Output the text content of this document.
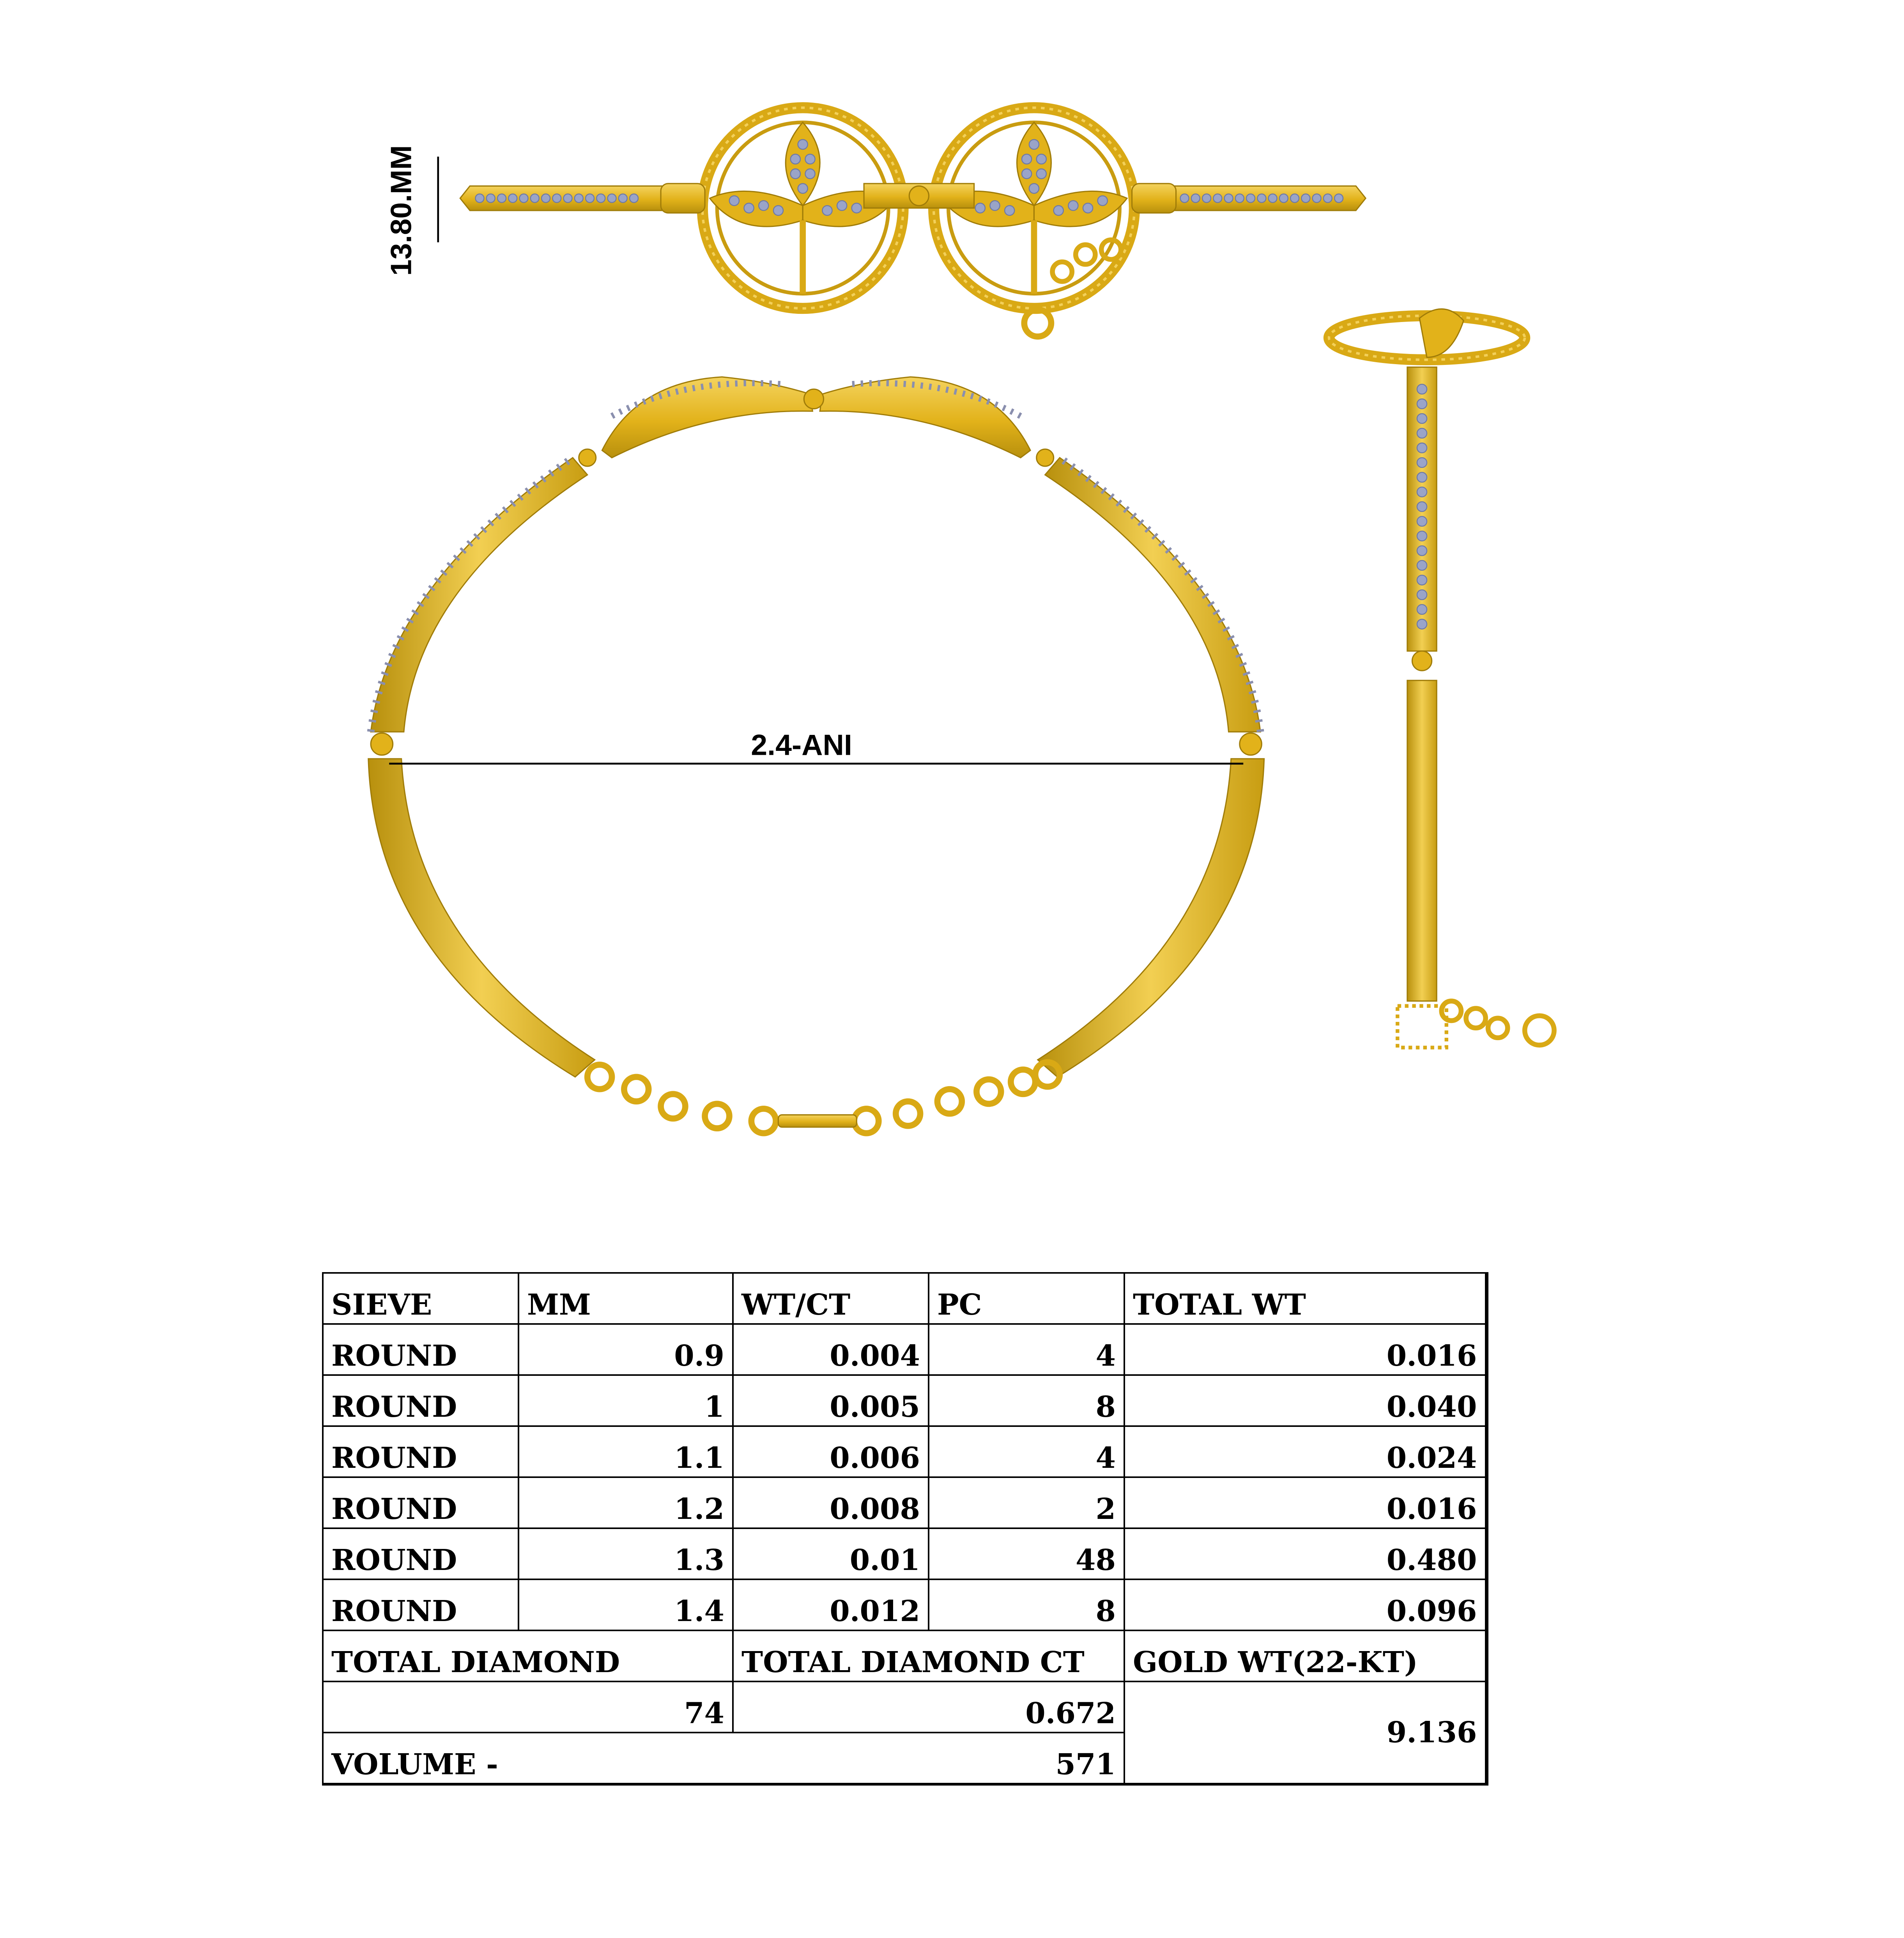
13.80.MM
2.4-ANI
SIEVE	MM	WT/CT	PC	TOTAL WT
ROUND	0.9	0.004	4	0.016
ROUND	1	0.005	8	0.040
ROUND	1.1	0.006	4	0.024
ROUND	1.2	0.008	2	0.016
ROUND	1.3	0.01	48	0.480
ROUND	1.4	0.012	8	0.096
TOTAL DIAMOND		TOTAL DIAMOND CT		GOLD WT(22-KT)
74		0.672		9.136
VOLUME -		571		
